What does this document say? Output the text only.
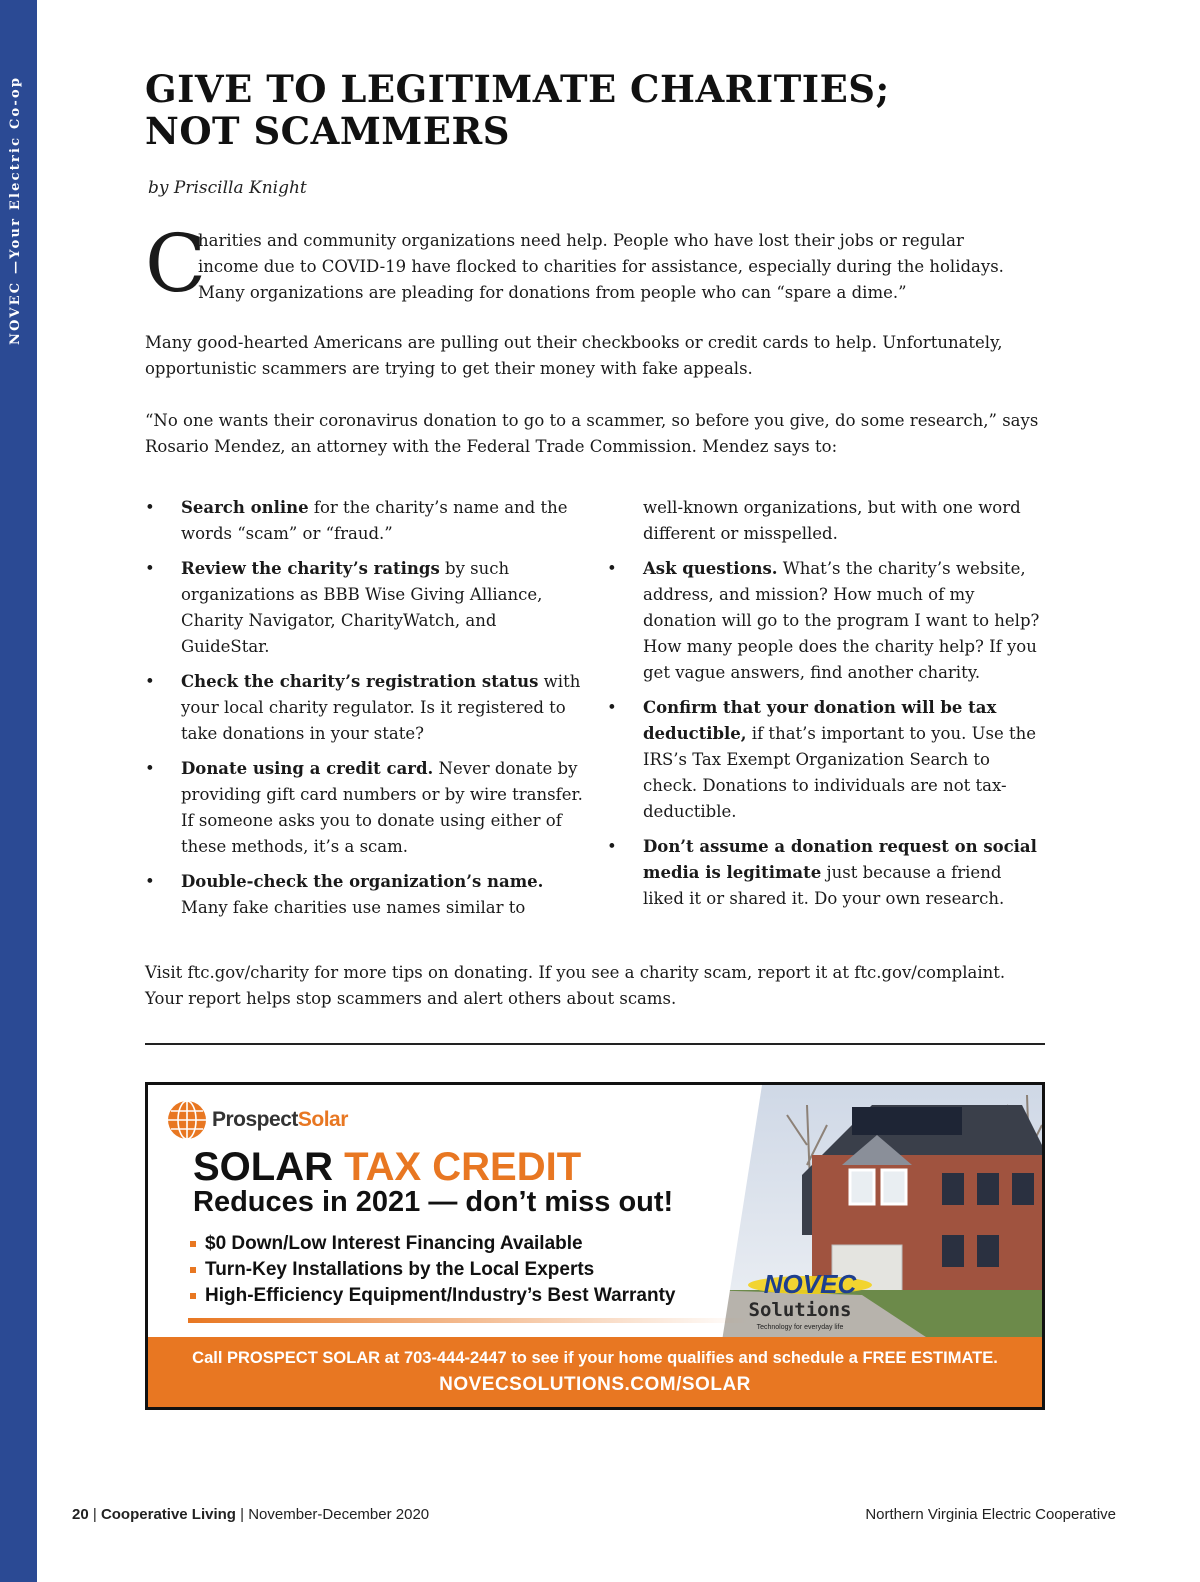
NOVEC —Your Electric Co-op	GIVE TO LEGITIMATE CHARITIES;
NOT SCAMMERS
by Priscilla Knight
C

harities and community organizations need help. People who have lost their jobs or regular income due to COVID-19 have flocked to charities for assistance, especially during the holidays. Many organizations are pleading for donations from people who can “spare a dime.”

Many good-hearted Americans are pulling out their checkbooks or credit cards to help. Unfortunately, opportunistic scammers are trying to get their money with fake appeals.

“No one wants their coronavirus donation to go to a scammer, so before you give, do some research,” says Rosario Mendez, an attorney with the Federal Trade Commission. Mendez says to:

• Search online for the charity’s name and the words “scam” or “fraud.”
• Review the charity’s ratings by such organizations as BBB Wise Giving Alliance, Charity Navigator, CharityWatch, and GuideStar.
• Check the charity’s registration status with your local charity regulator. Is it registered to take donations in your state?
• Donate using a credit card. Never donate by providing gift card numbers or by wire transfer. If someone asks you to donate using either of these methods, it’s a scam.
• Double-check the organization’s name. Many fake charities use names similar to
well-known organizations, but with one word different or misspelled.
• Ask questions. What’s the charity’s website, address, and mission? How much of my donation will go to the program I want to help? How many people does the charity help? If you get vague answers, find another charity.
• Confirm that your donation will be tax deductible, if that’s important to you. Use the IRS’s Tax Exempt Organization Search to check. Donations to individuals are not tax-deductible.
• Don’t assume a donation request on social media is legitimate just because a friend liked it or shared it. Do your own research.

Visit ftc.gov/charity for more tips on donating. If you see a charity scam, report it at ftc.gov/complaint. Your report helps stop scammers and alert others about scams.

ProspectSolar
SOLAR TAX CREDIT
Reduces in 2021 — don’t miss out!
$0 Down/Low Interest Financing Available
Turn-Key Installations by the Local Experts
High-Efficiency Equipment/Industry’s Best Warranty	NOVEC
Solutions
Technology for everyday life
Call PROSPECT SOLAR at 703-444-2447 to see if your home qualifies and schedule a FREE ESTIMATE.
NOVECSOLUTIONS.COM/SOLAR
20 | Cooperative Living | November-December 2020	Northern Virginia Electric Cooperative
